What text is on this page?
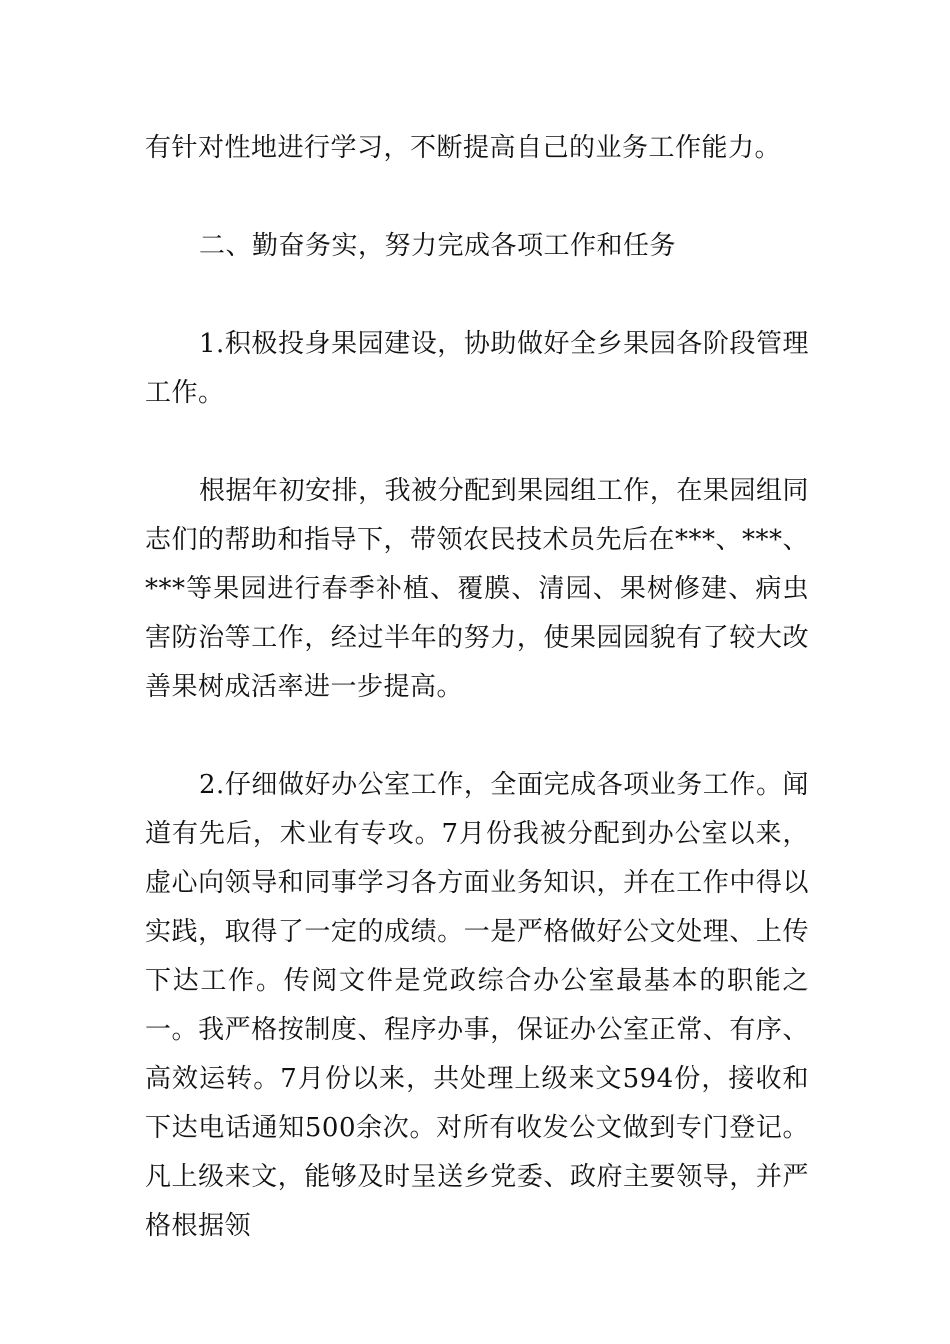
有针对性地进行学习，不断提高自己的业务工作能力。

二、勤奋务实，努力完成各项工作和任务

1.积极投身果园建设，协助做好全乡果园各阶段管理工作。

根据年初安排，我被分配到果园组工作，在果园组同志们的帮助和指导下，带领农民技术员先后在***、***、***等果园进行春季补植、覆膜、清园、果树修建、病虫害防治等工作，经过半年的努力，使果园园貌有了较大改善果树成活率进一步提高。

2.仔细做好办公室工作，全面完成各项业务工作。闻道有先后，术业有专攻。7月份我被分配到办公室以来，虚心向领导和同事学习各方面业务知识，并在工作中得以实践，取得了一定的成绩。一是严格做好公文处理、上传下达工作。传阅文件是党政综合办公室最基本的职能之一。我严格按制度、程序办事，保证办公室正常、有序、高效运转。7月份以来，共处理上级来文594份，接收和下达电话通知500余次。对所有收发公文做到专门登记。凡上级来文，能够及时呈送乡党委、政府主要领导，并严格根据领
